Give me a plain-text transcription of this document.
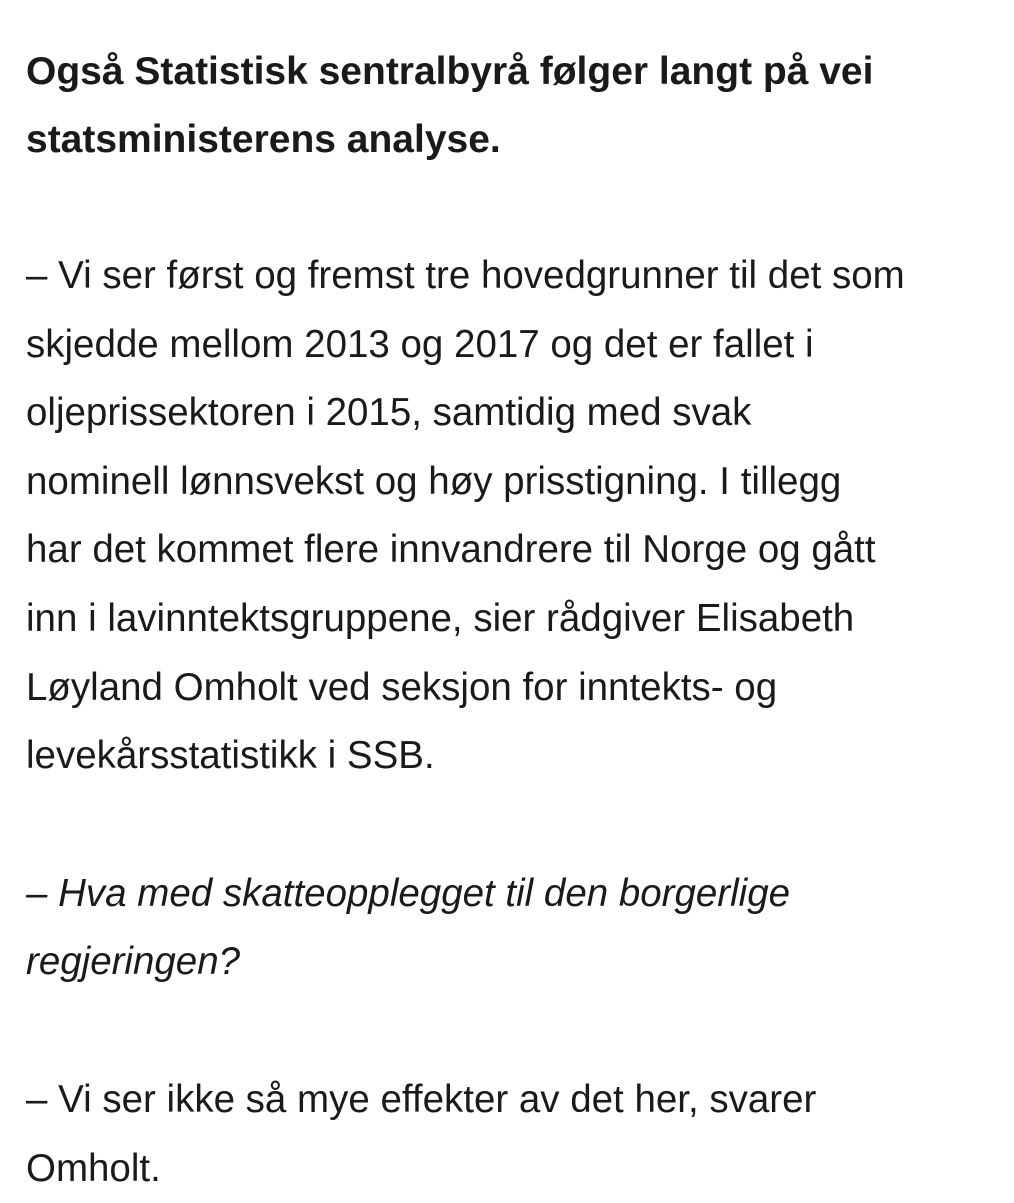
Også Statistisk sentralbyrå følger langt på vei
statsministerens analyse.

– Vi ser først og fremst tre hovedgrunner til det som
skjedde mellom 2013 og 2017 og det er fallet i
oljeprissektoren i 2015, samtidig med svak
nominell lønnsvekst og høy prisstigning. I tillegg
har det kommet flere innvandrere til Norge og gått
inn i lavinntektsgruppene, sier rådgiver Elisabeth
Løyland Omholt ved seksjon for inntekts- og
levekårsstatistikk i SSB.

– Hva med skatteopplegget til den borgerlige
regjeringen?

– Vi ser ikke så mye effekter av det her, svarer
Omholt.
